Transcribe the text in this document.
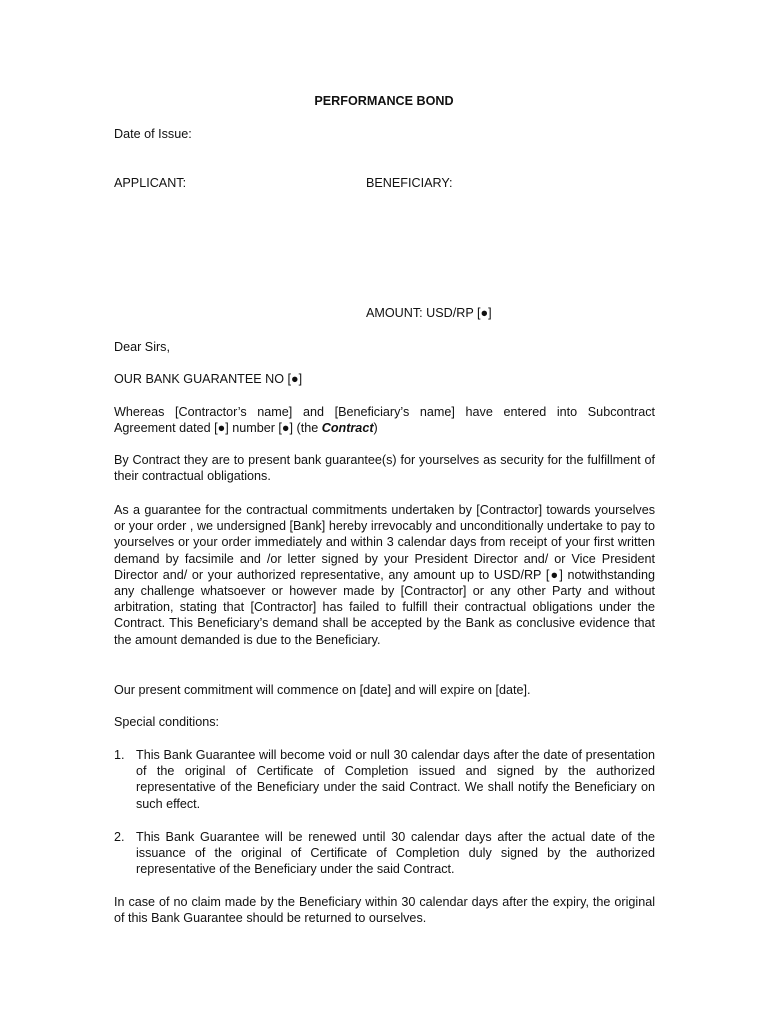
PERFORMANCE BOND

Date of Issue:

APPLICANT:	BENEFICIARY:

AMOUNT: USD/RP [●]

Dear Sirs,

OUR BANK GUARANTEE NO [●]

Whereas [Contractor’s name] and [Beneficiary’s name] have entered into Subcontract Agreement dated [●] number [●] (the Contract)

By Contract they are to present bank guarantee(s) for yourselves as security for the fulfillment of their contractual obligations.

As a guarantee for the contractual commitments undertaken by [Contractor] towards yourselves or your order , we undersigned [Bank] hereby irrevocably and unconditionally undertake to pay to yourselves or your order immediately and within 3 calendar days from receipt of your first written demand by facsimile and /or letter signed by your President Director and/ or Vice President Director and/ or your authorized representative, any amount up to USD/RP [●] notwithstanding any challenge whatsoever or however made by [Contractor] or any other Party and without arbitration, stating that [Contractor] has failed to fulfill their contractual obligations under the Contract. This Beneficiary’s demand shall be accepted by the Bank as conclusive evidence that the amount demanded is due to the Beneficiary.

Our present commitment will commence on [date] and will expire on [date].

Special conditions:

1. This Bank Guarantee will become void or null 30 calendar days after the date of presentation of the original of Certificate of Completion issued and signed by the authorized representative of the Beneficiary under the said Contract. We shall notify the Beneficiary on such effect.

2. This Bank Guarantee will be renewed until 30 calendar days after the actual date of the issuance of the original of Certificate of Completion duly signed by the authorized representative of the Beneficiary under the said Contract.

In case of no claim made by the Beneficiary within 30 calendar days after the expiry, the original of this Bank Guarantee should be returned to ourselves.
